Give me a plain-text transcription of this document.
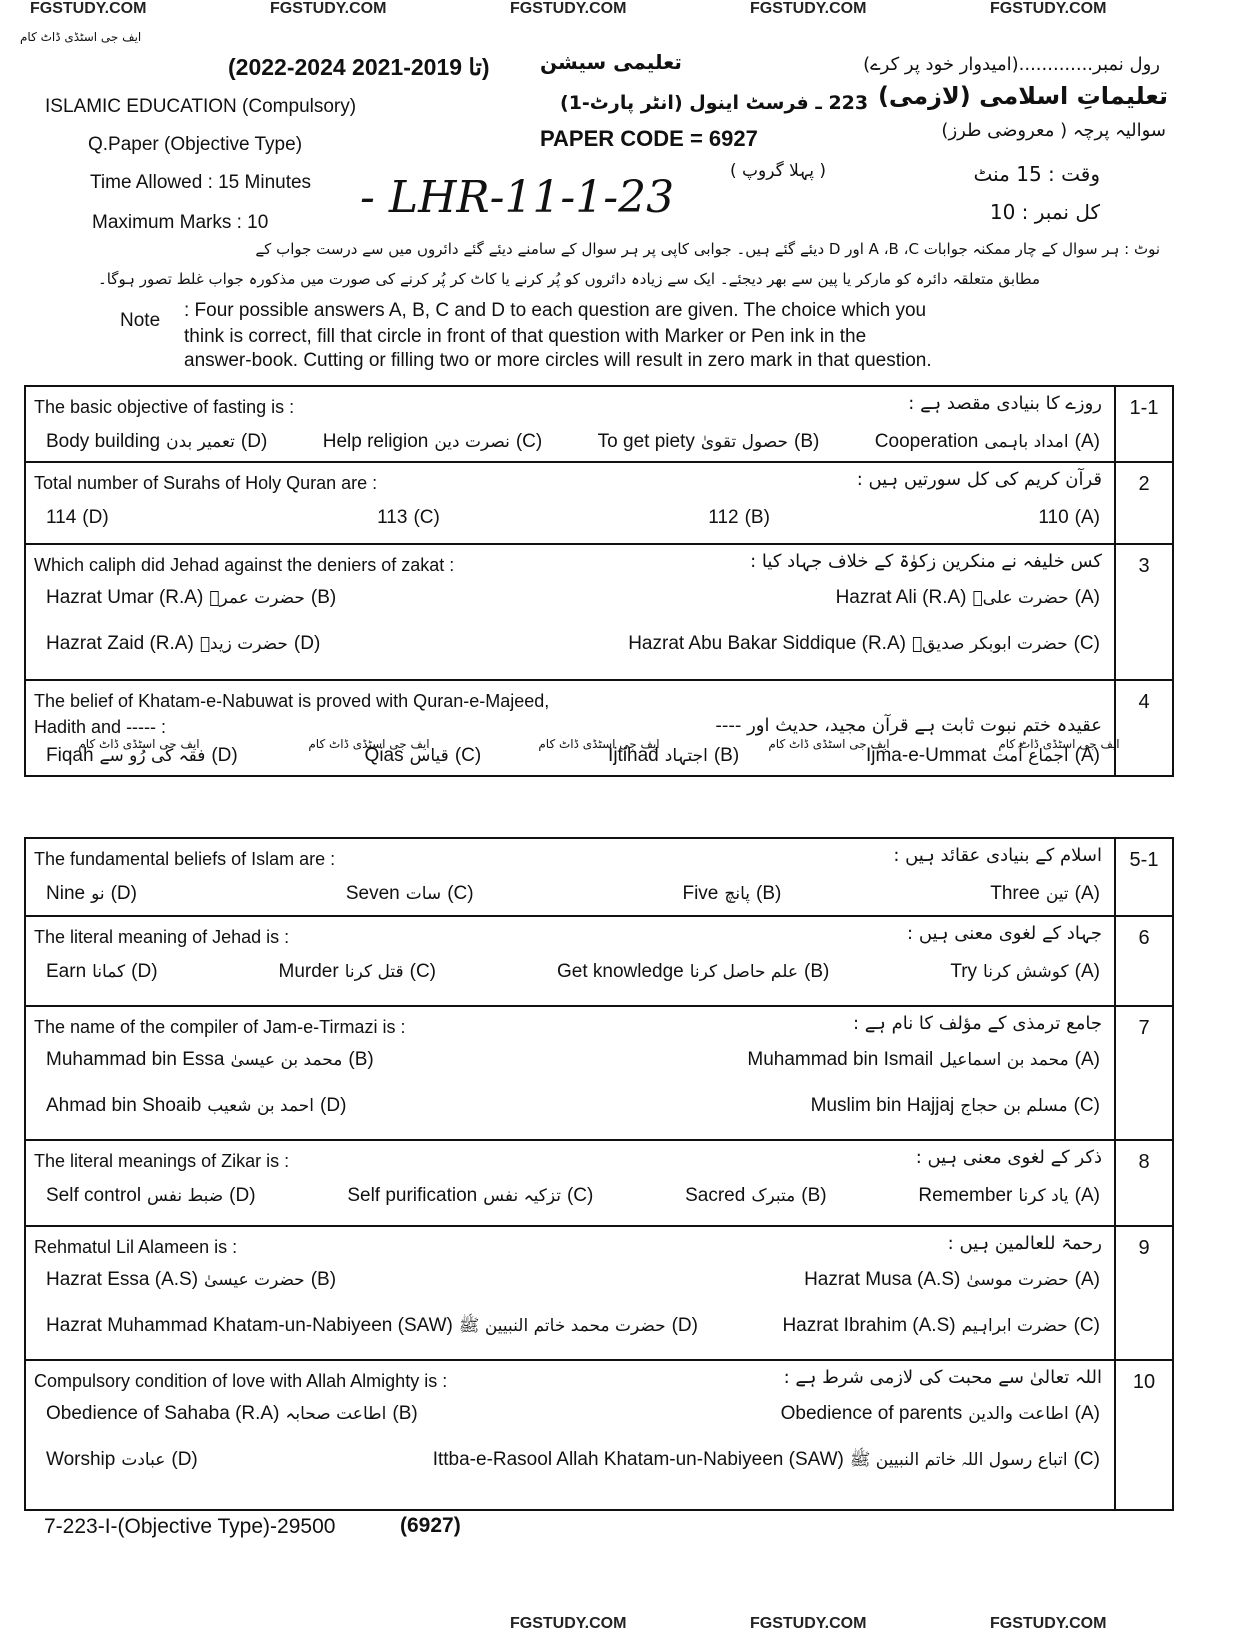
FGSTUDY.COM	FGSTUDY.COM	FGSTUDY.COM	FGSTUDY.COM	FGSTUDY.COM
ایف جی اسٹڈی ڈاٹ کام
(2022-2024 تا 2019-2021)	تعلیمی سیشن	رول نمبر.............(امیدوار خود پر کرے)
ISLAMIC EDUCATION (Compulsory)	223 ـ فرسٹ اینول (انٹر پارٹ-1) تعلیماتِ اسلامی (لازمی)
Q.Paper (Objective Type)	PAPER CODE = 6927	سوالیہ پرچہ ( معروضی طرز)
Time Allowed : 15 Minutes
Maximum Marks : 10 - LHR-11-1-23
( پہلا گروپ )	وقت : 15 منٹ
کل نمبر : 10
نوٹ : ہر سوال کے چار ممکنہ جوابات A ،B ،C اور D دیئے گئے ہیں۔ جوابی کاپی پر ہر سوال کے سامنے دیئے گئے دائروں میں سے درست جواب کے
مطابق متعلقہ دائرہ کو مارکر یا پین سے بھر دیجئے۔ ایک سے زیادہ دائروں کو پُر کرنے یا کاٹ کر پُر کرنے کی صورت میں مذکورہ جواب غلط تصور ہوگا۔
Note : Four possible answers A, B, C and D to each question are given. The choice which you
think is correct, fill that circle in front of that question with Marker or Pen ink in the
answer-book. Cutting or filling two or more circles will result in zero mark in that question.
1-1
The basic objective of fasting is :	روزے کا بنیادی مقصد ہے :
Cooperation امداد باہمی (A)
To get piety حصول تقویٰ (B)
Help religion نصرت دین (C)
Body building تعمیر بدن (D)
2
Total number of Surahs of Holy Quran are :	قرآن کریم کی کل سورتیں ہیں :
110 (A)
112 (B)
113 (C)
114 (D)
3
Which caliph did Jehad against the deniers of zakat :	کس خلیفہ نے منکرین زکوٰۃ کے خلاف جہاد کیا :
Hazrat Ali (R.A) حضرت علیؓ (A)
Hazrat Umar (R.A) حضرت عمرؓ (B)
Hazrat Abu Bakar Siddique (R.A) حضرت ابوبکر صدیقؓ (C)
Hazrat Zaid (R.A) حضرت زیدؓ (D)
4
The belief of Khatam-e-Nabuwat is proved with Quran-e-Majeed,
Hadith and ----- :	عقیدہ ختم نبوت ثابت ہے قرآن مجید، حدیث اور ----
Ijma-e-Ummat اجماع اُمت (A)
Ijtihad اجتہاد (B)
Qias قیاس (C)
Fiqah فقہ کی رُو سے (D)
ایف جی اسٹڈی ڈاٹ کام
ایف جی اسٹڈی ڈاٹ کام
ایف جی اسٹڈی ڈاٹ کام
ایف جی اسٹڈی ڈاٹ کام
ایف جی اسٹڈی ڈاٹ کام
5-1
The fundamental beliefs of Islam are :	اسلام کے بنیادی عقائد ہیں :
Three تین (A)
Five پانچ (B)
Seven سات (C)
Nine نو (D)
6
The literal meaning of Jehad is :	جہاد کے لغوی معنی ہیں :
Try کوشش کرنا (A)
Get knowledge علم حاصل کرنا (B)
Murder قتل کرنا (C)
Earn کمانا (D)
7
The name of the compiler of Jam-e-Tirmazi is :	جامع ترمذی کے مؤلف کا نام ہے :
Muhammad bin Ismail محمد بن اسماعیل (A)
Muhammad bin Essa محمد بن عیسیٰ (B)
Muslim bin Hajjaj مسلم بن حجاج (C)
Ahmad bin Shoaib احمد بن شعیب (D)
8
The literal meanings of Zikar is :	ذکر کے لغوی معنی ہیں :
Remember یاد کرنا (A)
Sacred متبرک (B)
Self purification تزکیہ نفس (C)
Self control ضبط نفس (D)
9
Rehmatul Lil Alameen is :	رحمۃ للعالمین ہیں :
Hazrat Musa (A.S) حضرت موسیٰ (A)
Hazrat Essa (A.S) حضرت عیسیٰ (B)
Hazrat Ibrahim (A.S) حضرت ابراہیم (C)
Hazrat Muhammad Khatam-un-Nabiyeen (SAW) حضرت محمد خاتم النبیین ﷺ (D)
10
Compulsory condition of love with Allah Almighty is :	اللہ تعالیٰ سے محبت کی لازمی شرط ہے :
Obedience of parents اطاعت والدین (A)
Obedience of Sahaba (R.A) اطاعت صحابہ (B)
Ittba-e-Rasool Allah Khatam-un-Nabiyeen (SAW) اتباع رسول اللہ خاتم النبیین ﷺ (C)
Worship عبادت (D)
7-223-I-(Objective Type)-29500	(6927)
FGSTUDY.COM	FGSTUDY.COM	FGSTUDY.COM
